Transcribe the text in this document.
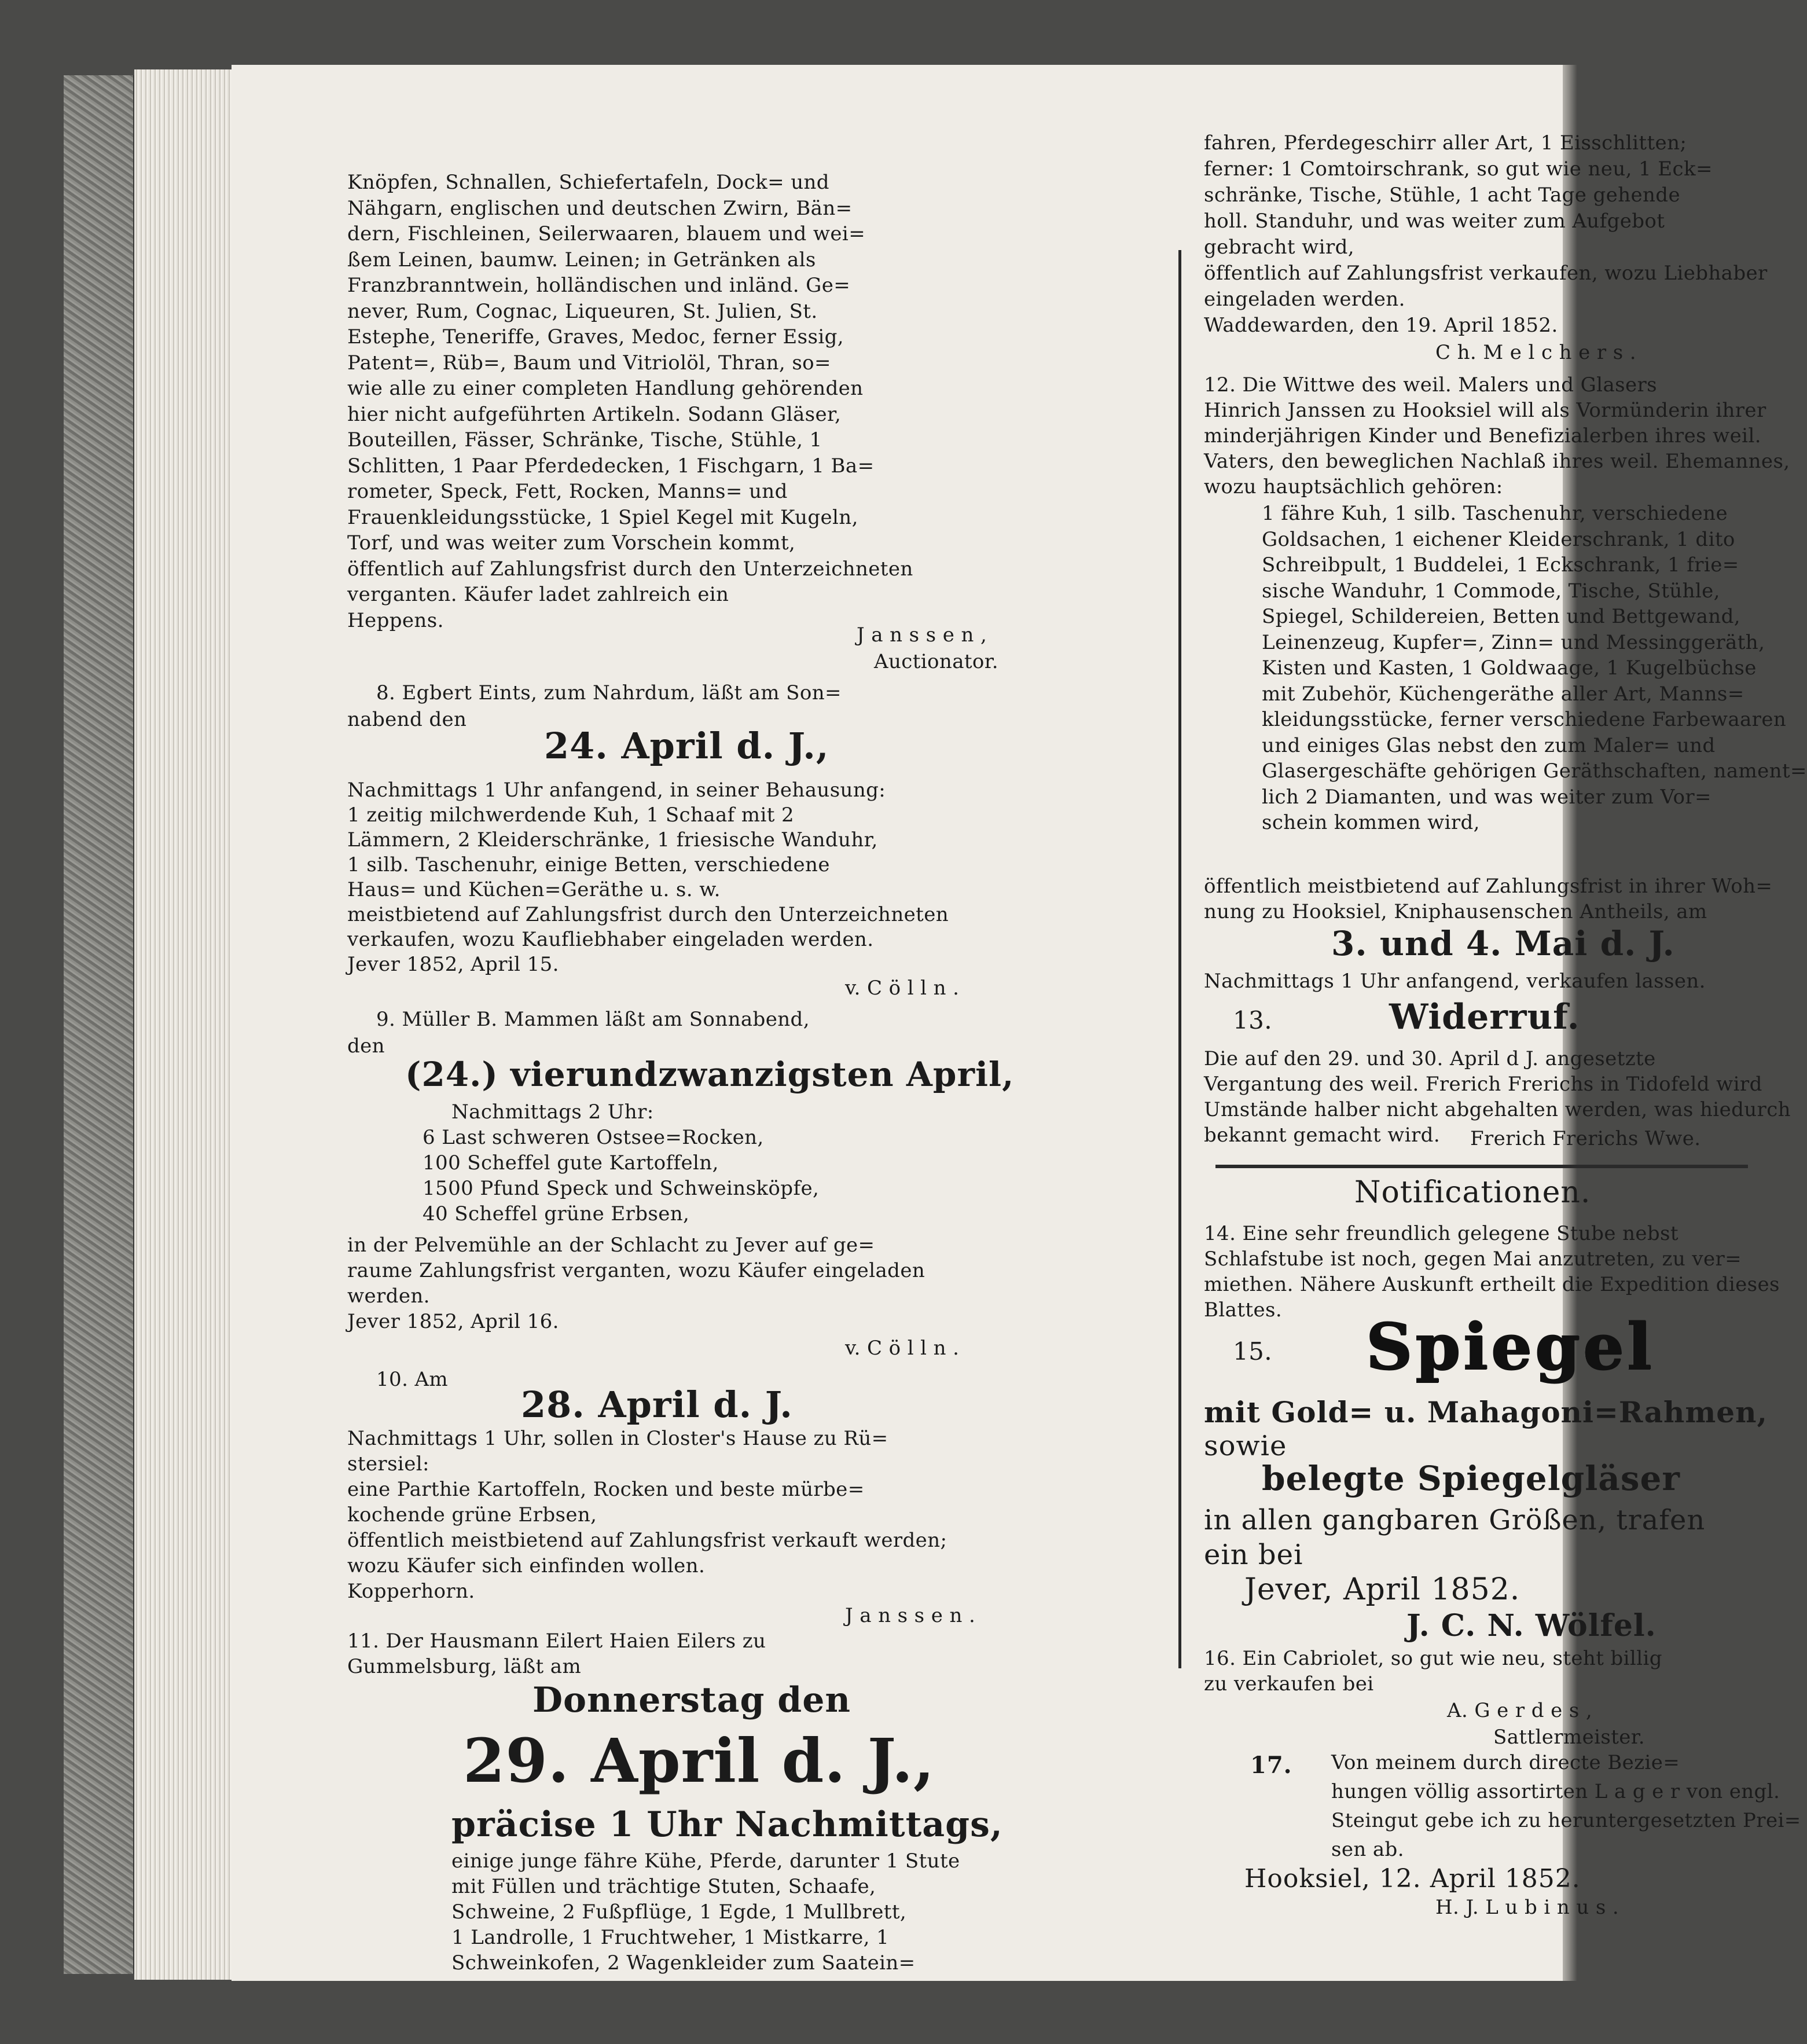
J a n s s e n ,
Auctionator.
8. Egbert Eints, zum Nahrdum, läßt am Son=
nabend den
24. April d. J.,
v. C ö l l n .
9. Müller B. Mammen läßt am Sonnabend,
den
(24.) vierundzwanzigsten April,
Nachmittags 2 Uhr:
v. C ö l l n .
10. Am
28. April d. J.
J a n s s e n .
Donnerstag den
29. April d. J.,
präcise 1 Uhr Nachmittags,
C h. M e l c h e r s .
3. und 4. Mai d. J.
Nachmittags 1 Uhr anfangend, verkaufen lassen.
13.	Widerruf.
Frerich Frerichs Wwe.
Notificationen.
15. Spiegel
mit Gold= u. Mahagoni=Rahmen,
sowie
belegte Spiegelgläser
in allen gangbaren Größen, trafen
ein bei
Jever, April 1852.
J. C. N. Wölfel.
A. G e r d e s ,
Sattlermeister.
17.
Hooksiel, 12. April 1852.
H. J. L u b i n u s .
Knöpfen, Schnallen, Schiefertafeln, Dock= und
Nähgarn, englischen und deutschen Zwirn, Bän=
dern, Fischleinen, Seilerwaaren, blauem und wei=
ßem Leinen, baumw. Leinen; in Getränken als
Franzbranntwein, holländischen und inländ. Ge=
never, Rum, Cognac, Liqueuren, St. Julien, St.
Estephe, Teneriffe, Graves, Medoc, ferner Essig,
Patent=, Rüb=, Baum und Vitriolöl, Thran, so=
wie alle zu einer completen Handlung gehörenden
hier nicht aufgeführten Artikeln. Sodann Gläser,
Bouteillen, Fässer, Schränke, Tische, Stühle, 1
Schlitten, 1 Paar Pferdedecken, 1 Fischgarn, 1 Ba=
rometer, Speck, Fett, Rocken, Manns= und
Frauenkleidungsstücke, 1 Spiel Kegel mit Kugeln,
Torf, und was weiter zum Vorschein kommt,
öffentlich auf Zahlungsfrist durch den Unterzeichneten
verganten. Käufer ladet zahlreich ein
Heppens.
Nachmittags 1 Uhr anfangend, in seiner Behausung:
1 zeitig milchwerdende Kuh, 1 Schaaf mit 2
Lämmern, 2 Kleiderschränke, 1 friesische Wanduhr,
1 silb. Taschenuhr, einige Betten, verschiedene
Haus= und Küchen=Geräthe u. s. w.
meistbietend auf Zahlungsfrist durch den Unterzeichneten
verkaufen, wozu Kaufliebhaber eingeladen werden.
Jever 1852, April 15.
6 Last schweren Ostsee=Rocken,
100 Scheffel gute Kartoffeln,
1500 Pfund Speck und Schweinsköpfe,
40 Scheffel grüne Erbsen,
in der Pelvemühle an der Schlacht zu Jever auf ge=
raume Zahlungsfrist verganten, wozu Käufer eingeladen
werden.
Jever 1852, April 16.
Nachmittags 1 Uhr, sollen in Closter's Hause zu Rü=
stersiel:
eine Parthie Kartoffeln, Rocken und beste mürbe=
kochende grüne Erbsen,
öffentlich meistbietend auf Zahlungsfrist verkauft werden;
wozu Käufer sich einfinden wollen.
Kopperhorn.
11. Der Hausmann Eilert Haien Eilers zu
Gummelsburg, läßt am
einige junge fähre Kühe, Pferde, darunter 1 Stute
mit Füllen und trächtige Stuten, Schaafe,
Schweine, 2 Fußpflüge, 1 Egde, 1 Mullbrett,
1 Landrolle, 1 Fruchtweher, 1 Mistkarre, 1
Schweinkofen, 2 Wagenkleider zum Saatein=
fahren, Pferdegeschirr aller Art, 1 Eisschlitten;
ferner: 1 Comtoirschrank, so gut wie neu, 1 Eck=
schränke, Tische, Stühle, 1 acht Tage gehende
holl. Standuhr, und was weiter zum Aufgebot
gebracht wird,
öffentlich auf Zahlungsfrist verkaufen, wozu Liebhaber
eingeladen werden.
Waddewarden, den 19. April 1852.
12. Die Wittwe des weil. Malers und Glasers
Hinrich Janssen zu Hooksiel will als Vormünderin ihrer
minderjährigen Kinder und Benefizialerben ihres weil.
Vaters, den beweglichen Nachlaß ihres weil. Ehemannes,
wozu hauptsächlich gehören:
1 fähre Kuh, 1 silb. Taschenuhr, verschiedene
Goldsachen, 1 eichener Kleiderschrank, 1 dito
Schreibpult, 1 Buddelei, 1 Eckschrank, 1 frie=
sische Wanduhr, 1 Commode, Tische, Stühle,
Spiegel, Schildereien, Betten und Bettgewand,
Leinenzeug, Kupfer=, Zinn= und Messinggeräth,
Kisten und Kasten, 1 Goldwaage, 1 Kugelbüchse
mit Zubehör, Küchengeräthe aller Art, Manns=
kleidungsstücke, ferner verschiedene Farbewaaren
und einiges Glas nebst den zum Maler= und
Glasergeschäfte gehörigen Geräthschaften, nament=
lich 2 Diamanten, und was weiter zum Vor=
schein kommen wird,
öffentlich meistbietend auf Zahlungsfrist in ihrer Woh=
nung zu Hooksiel, Kniphausenschen Antheils, am
Die auf den 29. und 30. April d J. angesetzte
Vergantung des weil. Frerich Frerichs in Tidofeld wird
Umstände halber nicht abgehalten werden, was hiedurch
bekannt gemacht wird.
14. Eine sehr freundlich gelegene Stube nebst
Schlafstube ist noch, gegen Mai anzutreten, zu ver=
miethen. Nähere Auskunft ertheilt die Expedition dieses
Blattes.
16. Ein Cabriolet, so gut wie neu, steht billig
zu verkaufen bei
Von meinem durch directe Bezie=
hungen völlig assortirten L a g e r von engl.
Steingut gebe ich zu heruntergesetzten Prei=
sen ab.
